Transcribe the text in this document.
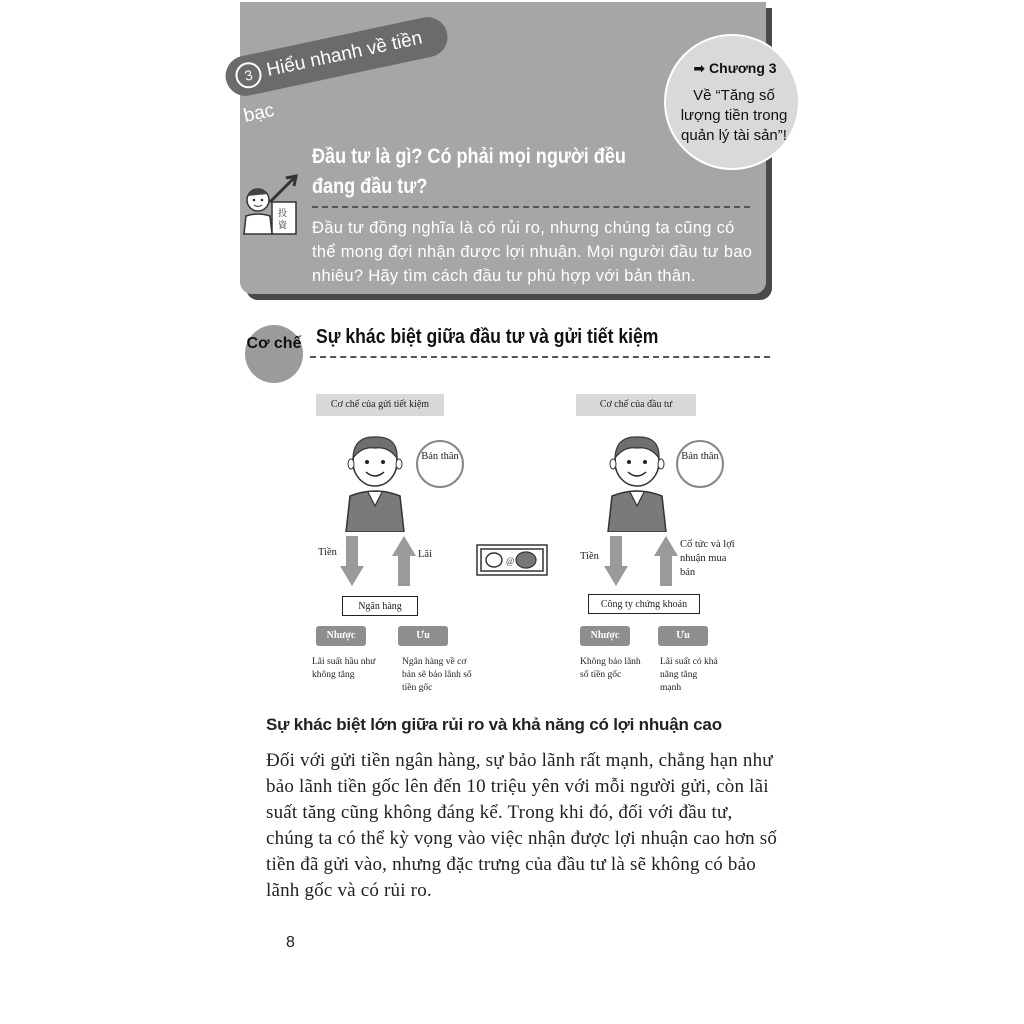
3 Hiểu nhanh về tiền bạc
➡ Chương 3
Về “Tăng số lượng tiền trong quản lý tài sản”!
投
資
Đầu tư là gì? Có phải mọi người đều đang đầu tư?
Đầu tư đồng nghĩa là có rủi ro, nhưng chúng ta cũng có thể mong đợi nhận được lợi nhuận. Mọi người đầu tư bao nhiêu? Hãy tìm cách đầu tư phù hợp với bản thân.
Cơ chế Sự khác biệt giữa đầu tư và gửi tiết kiệm
Cơ chế của gửi tiết kiệm
Bản thân
Tiền	Lãi
Ngân hàng
Nhược	Ưu
Lãi suất hầu như không tăng
Ngân hàng về cơ bản sẽ bảo lãnh số tiền gốc
@
Cơ chế của đầu tư
Bản thân
Tiền
Cổ tức và lợi nhuận mua bán
Công ty chứng khoán
Nhược	Ưu
Không bảo lãnh số tiền gốc
Lãi suất có khả năng tăng mạnh
Sự khác biệt lớn giữa rủi ro và khả năng có lợi nhuận cao
Đối với gửi tiền ngân hàng, sự bảo lãnh rất mạnh, chẳng hạn như bảo lãnh tiền gốc lên đến 10 triệu yên với mỗi người gửi, còn lãi suất tăng cũng không đáng kể. Trong khi đó, đối với đầu tư, chúng ta có thể kỳ vọng vào việc nhận được lợi nhuận cao hơn số tiền đã gửi vào, nhưng đặc trưng của đầu tư là sẽ không có bảo lãnh gốc và có rủi ro.
8
